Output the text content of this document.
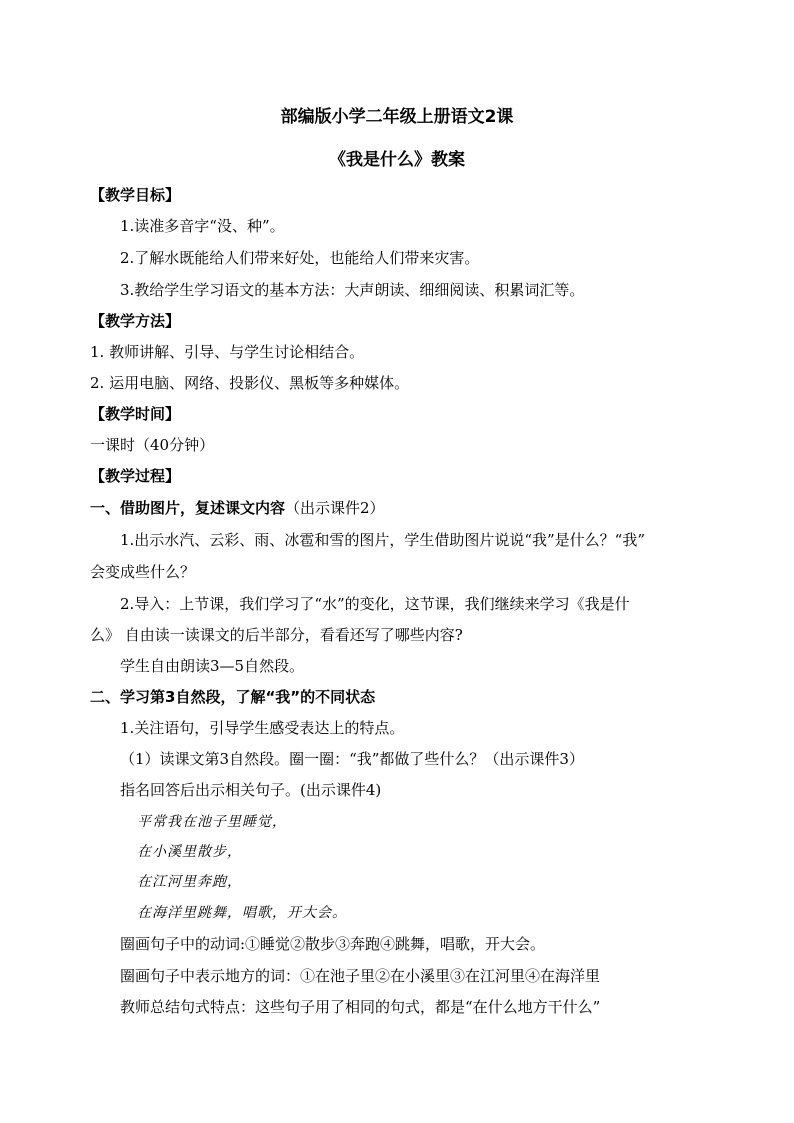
部编版小学二年级上册语文2课
《我是什么》教案
【教学目标】
1.读准多音字“没、种”。
2.了解水既能给人们带来好处，也能给人们带来灾害。
3.教给学生学习语文的基本方法：大声朗读、细细阅读、积累词汇等。
【教学方法】
1. 教师讲解、引导、与学生讨论相结合。
2. 运用电脑、网络、投影仪、黑板等多种媒体。
【教学时间】
一课时（40分钟）
【教学过程】
一、借助图片，复述课文内容（出示课件2）
1.出示水汽、云彩、雨、冰雹和雪的图片，学生借助图片说说“我”是什么？“我”
会变成些什么？
2.导入：上节课，我们学习了“水”的变化，这节课，我们继续来学习《我是什
么》 自由读一读课文的后半部分，看看还写了哪些内容?
学生自由朗读3—5自然段。
二、学习第3自然段，了解“我”的不同状态
1.关注语句，引导学生感受表达上的特点。
（1）读课文第3自然段。圈一圈：“我”都做了些什么？（出示课件3）
指名回答后出示相关句子。(出示课件4)
平常我在池子里睡觉，
在小溪里散步，
在江河里奔跑，
在海洋里跳舞，唱歌，开大会。
圈画句子中的动词:①睡觉②散步③奔跑④跳舞，唱歌，开大会。
圈画句子中表示地方的词：①在池子里②在小溪里③在江河里④在海洋里
教师总结句式特点：这些句子用了相同的句式，都是“在什么地方干什么”
